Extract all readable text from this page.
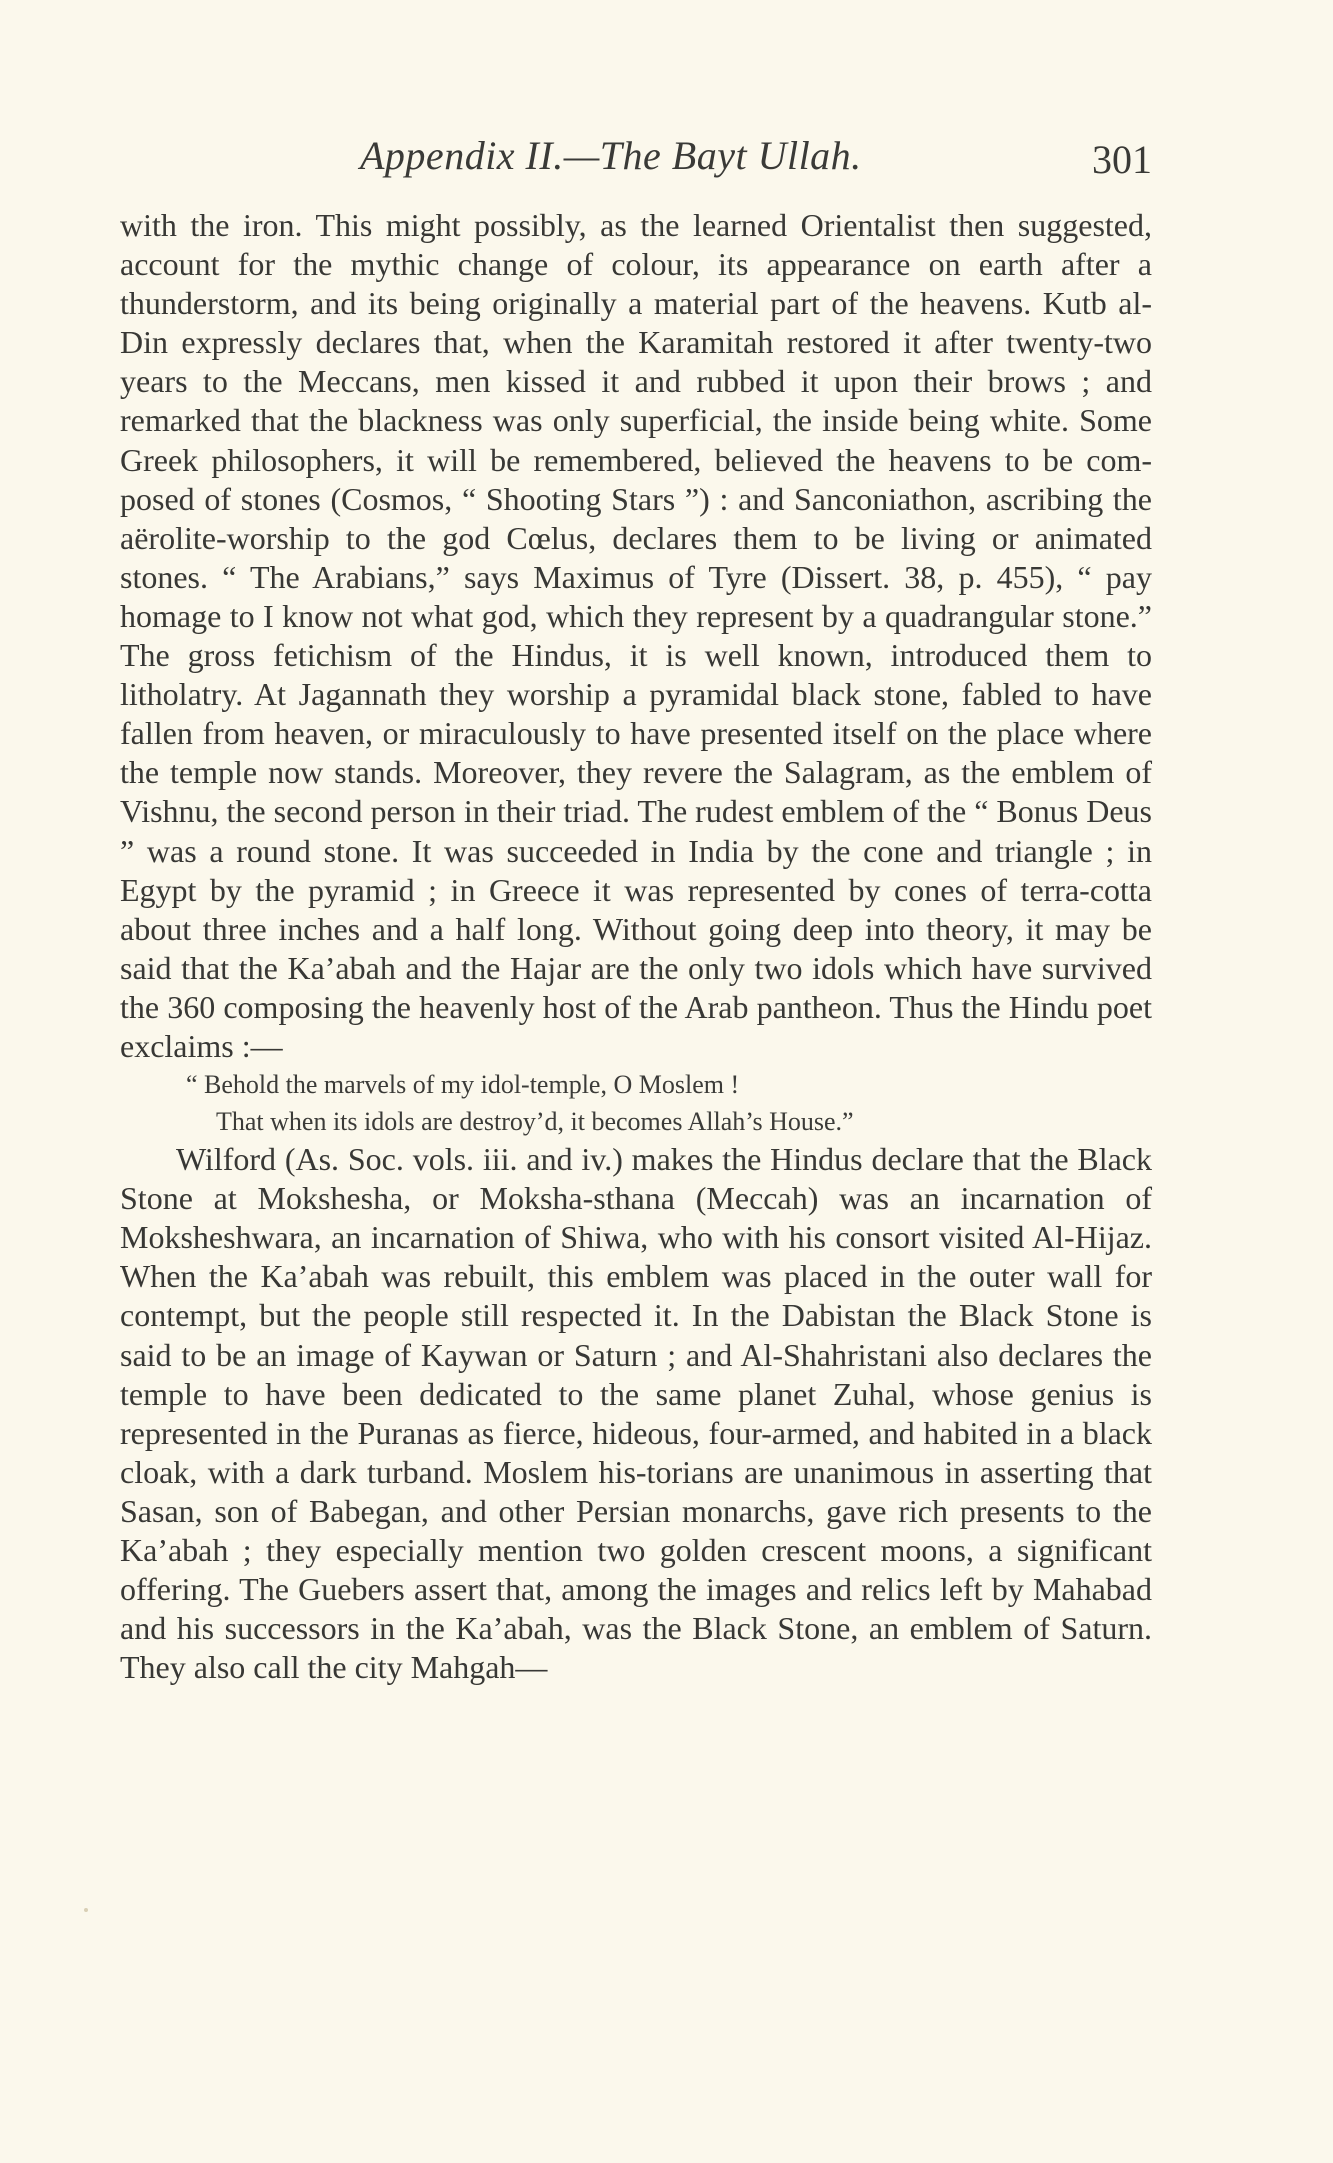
Appendix II.—The Bayt Ullah.	301

with the iron. This might possibly, as the learned Orientalist then suggested, account for the mythic change of colour, its appearance on earth after a thunderstorm, and its being originally a material part of the heavens. Kutb al-Din expressly declares that, when the Karamitah restored it after twenty-two years to the Meccans, men kissed it and rubbed it upon their brows ; and remarked that the blackness was only superficial, the inside being white. Some Greek philosophers, it will be remembered, believed the heavens to be com-posed of stones (Cosmos, “ Shooting Stars ”) : and Sanconiathon, ascribing the aërolite-worship to the god Cœlus, declares them to be living or animated stones. “ The Arabians,” says Maximus of Tyre (Dissert. 38, p. 455), “ pay homage to I know not what god, which they represent by a quadrangular stone.” The gross fetichism of the Hindus, it is well known, introduced them to litholatry. At Jagannath they worship a pyramidal black stone, fabled to have fallen from heaven, or miraculously to have presented itself on the place where the temple now stands. Moreover, they revere the Salagram, as the emblem of Vishnu, the second person in their triad. The rudest emblem of the “ Bonus Deus ” was a round stone. It was succeeded in India by the cone and triangle ; in Egypt by the pyramid ; in Greece it was represented by cones of terra-cotta about three inches and a half long. Without going deep into theory, it may be said that the Ka’abah and the Hajar are the only two idols which have survived the 360 composing the heavenly host of the Arab pantheon. Thus the Hindu poet exclaims :—

“ Behold the marvels of my idol-temple, O Moslem !
That when its idols are destroy’d, it becomes Allah’s House.”

Wilford (As. Soc. vols. iii. and iv.) makes the Hindus declare that the Black Stone at Mokshesha, or Moksha-sthana (Meccah) was an incarnation of Moksheshwara, an incarnation of Shiwa, who with his consort visited Al-Hijaz. When the Ka’abah was rebuilt, this emblem was placed in the outer wall for contempt, but the people still respected it. In the Dabistan the Black Stone is said to be an image of Kaywan or Saturn ; and Al-Shahristani also declares the temple to have been dedicated to the same planet Zuhal, whose genius is represented in the Puranas as fierce, hideous, four-armed, and habited in a black cloak, with a dark turband. Moslem his-torians are unanimous in asserting that Sasan, son of Babegan, and other Persian monarchs, gave rich presents to the Ka’abah ; they especially mention two golden crescent moons, a significant offering. The Guebers assert that, among the images and relics left by Mahabad and his successors in the Ka’abah, was the Black Stone, an emblem of Saturn. They also call the city Mahgah—
